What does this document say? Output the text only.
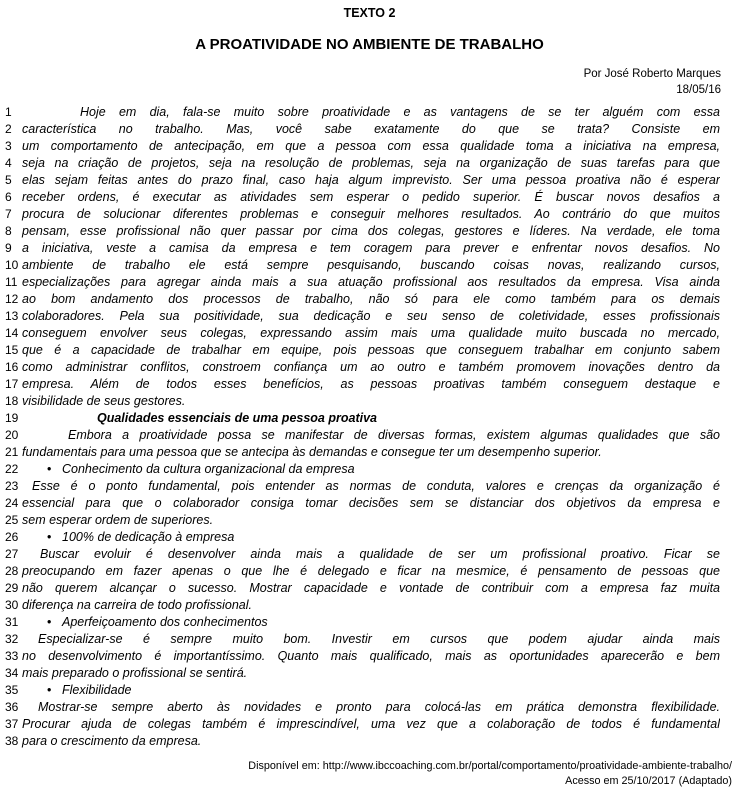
TEXTO 2
A PROATIVIDADE NO AMBIENTE DE TRABALHO
Por José Roberto Marques
18/05/16
1	Hoje em dia, fala-se muito sobre proatividade e as vantagens de se ter alguém com essa
2 característica no trabalho. Mas, você sabe exatamente do que se trata? Consiste em
3 um comportamento de antecipação, em que a pessoa com essa qualidade toma a iniciativa na empresa,
4 seja na criação de projetos, seja na resolução de problemas, seja na organização de suas tarefas para que
5 elas sejam feitas antes do prazo final, caso haja algum imprevisto. Ser uma pessoa proativa não é esperar
6 receber ordens, é executar as atividades sem esperar o pedido superior. É buscar novos desafios a
7 procura de solucionar diferentes problemas e conseguir melhores resultados. Ao contrário do que muitos
8 pensam, esse profissional não quer passar por cima dos colegas, gestores e líderes. Na verdade, ele toma
9 a iniciativa, veste a camisa da empresa e tem coragem para prever e enfrentar novos desafios. No
10 ambiente de trabalho ele está sempre pesquisando, buscando coisas novas, realizando cursos,
11 especializações para agregar ainda mais a sua atuação profissional aos resultados da empresa. Visa ainda
12 ao bom andamento dos processos de trabalho, não só para ele como também para os demais
13 colaboradores. Pela sua positividade, sua dedicação e seu senso de coletividade, esses profissionais
14 conseguem envolver seus colegas, expressando assim mais uma qualidade muito buscada no mercado,
15 que é a capacidade de trabalhar em equipe, pois pessoas que conseguem trabalhar em conjunto sabem
16 como administrar conflitos, constroem confiança um ao outro e também promovem inovações dentro da
17 empresa. Além de todos esses benefícios, as pessoas proativas também conseguem destaque e
18 visibilidade de seus gestores.
19	Qualidades essenciais de uma pessoa proativa
20	Embora a proatividade possa se manifestar de diversas formas, existem algumas qualidades que são
21 fundamentais para uma pessoa que se antecipa às demandas e consegue ter um desempenho superior.
22	• Conhecimento da cultura organizacional da empresa
23	Esse é o ponto fundamental, pois entender as normas de conduta, valores e crenças da organização é
24 essencial para que o colaborador consiga tomar decisões sem se distanciar dos objetivos da empresa e
25 sem esperar ordem de superiores.
26	• 100% de dedicação à empresa
27	Buscar evoluir é desenvolver ainda mais a qualidade de ser um profissional proativo. Ficar se
28 preocupando em fazer apenas o que lhe é delegado e ficar na mesmice, é pensamento de pessoas que
29 não querem alcançar o sucesso. Mostrar capacidade e vontade de contribuir com a empresa faz muita
30 diferença na carreira de todo profissional.
31	• Aperfeiçoamento dos conhecimentos
32	Especializar-se é sempre muito bom. Investir em cursos que podem ajudar ainda mais
33 no desenvolvimento é importantíssimo. Quanto mais qualificado, mais as oportunidades aparecerão e bem
34 mais preparado o profissional se sentirá.
35	• Flexibilidade
36	Mostrar-se sempre aberto às novidades e pronto para colocá-las em prática demonstra flexibilidade.
37 Procurar ajuda de colegas também é imprescindível, uma vez que a colaboração de todos é fundamental
38 para o crescimento da empresa.
Disponível em: http://www.ibccoaching.com.br/portal/comportamento/proatividade-ambiente-trabalho/
Acesso em 25/10/2017 (Adaptado)
